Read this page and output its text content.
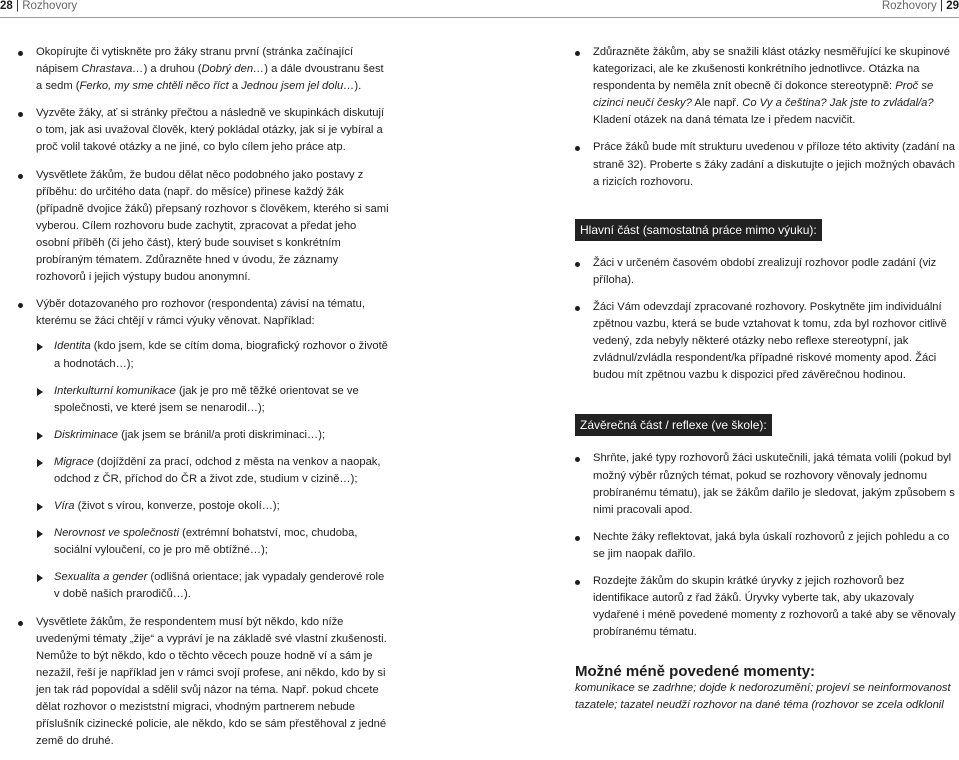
28 | Rozhovory	Rozhovory | 29
Okopírujte či vytiskněte pro žáky stranu první (stránka začínající nápisem Chrastava…) a druhou (Dobrý den…) a dále dvoustranu šest a sedm (Ferko, my sme chtěli něco říct a Jednou jsem jel dolu…).
Vyzvěte žáky, ať si stránky přečtou a následně ve skupinkách diskutují o tom, jak asi uvažoval člověk, který pokládal otázky, jak si je vybíral a proč volil takové otázky a ne jiné, co bylo cílem jeho práce atp.
Vysvětlete žákům, že budou dělat něco podobného jako postavy z příběhu: do určitého data (např. do měsíce) přinese každý žák (případně dvojice žáků) přepsaný rozhovor s člověkem, kterého si sami vyberou. Cílem rozhovoru bude zachytit, zpracovat a předat jeho osobní příběh (či jeho část), který bude souviset s konkrétním probíraným tématem. Zdůrazněte hned v úvodu, že záznamy rozhovorů i jejich výstupy budou anonymní.
Výběr dotazovaného pro rozhovor (respondenta) závisí na tématu, kterému se žáci chtějí v rámci výuky věnovat. Například:
Identita (kdo jsem, kde se cítím doma, biografický rozhovor o životě a hodnotách…);
Interkulturní komunikace (jak je pro mě těžké orientovat se ve společnosti, ve které jsem se nenarodil…);
Diskriminace (jak jsem se bránil/a proti diskriminaci…);
Migrace (dojíždění za prací, odchod z města na venkov a naopak, odchod z ČR, příchod do ČR a život zde, studium v cizině…);
Víra (život s vírou, konverze, postoje okolí…);
Nerovnost ve společnosti (extrémní bohatství, moc, chudoba, sociální vyloučení, co je pro mě obtížné…);
Sexualita a gender (odlišná orientace; jak vypadaly genderové role v době našich prarodičů…).
Vysvětlete žákům, že respondentem musí být někdo, kdo níže uvedenými tématy „žije“ a vypráví je na základě své vlastní zkušenosti. Nemůže to být někdo, kdo o těchto věcech pouze hodně ví a sám je nezažil, řeší je například jen v rámci svojí profese, ani někdo, kdo by si jen tak rád popovídal a sdělil svůj názor na téma. Např. pokud chcete dělat rozhovor o meziststní migraci, vhodným partnerem nebude příslušník cizinecké policie, ale někdo, kdo se sám přestěhoval z jedné země do druhé.
Zdůrazněte žákům, aby se snažili klást otázky nesměřující ke skupinové kategorizaci, ale ke zkušenosti konkrétního jednotlivce. Otázka na respondenta by neměla znít obecně či dokonce stereotypně: Proč se cizinci neučí česky? Ale např. Co Vy a čeština? Jak jste to zvládal/a? Kladení otázek na daná témata lze i předem nacvičit.
Práce žáků bude mít strukturu uvedenou v příloze této aktivity (zadání na straně 32). Proberte s žáky zadání a diskutujte o jejich možných obavách a rizicích rozhovoru.
Hlavní část (samostatná práce mimo výuku):
Žáci v určeném časovém období zrealizují rozhovor podle zadání (viz přílohа).
Žáci Vám odevzdají zpracované rozhovory. Poskytněte jim individuální zpětnou vazbu, která se bude vztahovat k tomu, zda byl rozhovor citlivě vedený, zda nebyly některé otázky nebo reflexe stereotypní, jak zvládnul/zvládla respondent/ka případné riskové momenty apod. Žáci budou mít zpětnou vazbu k dispozici před závěrečnou hodinou.
Závěrečná část / reflexe (ve škole):
Shrňte, jaké typy rozhovorů žáci uskutečnili, jaká témata volili (pokud byl možný výběr různých témat, pokud se rozhovory věnovaly jednomu probíranému tématu), jak se žákům dařilo je sledovat, jakým způsobem s nimi pracovali apod.
Nechte žáky reflektovat, jaká byla úskalí rozhovorů z jejich pohledu a co se jim naopak dařilo.
Rozdejte žákům do skupin krátké úryvky z jejich rozhovorů bez identifikace autorů z řad žáků. Úryvky vyberte tak, aby ukazovaly vydařené i méně povedené momenty z rozhovorů a také aby se věnovaly probíranému tématu.
Možné méně povedené momenty:
komunikace se zadrhne; dojde k nedorozumění; projeví se neinformovanost
tazatele; tazatel neudží rozhovor na dané téma (rozhovor se zcela odklonil
